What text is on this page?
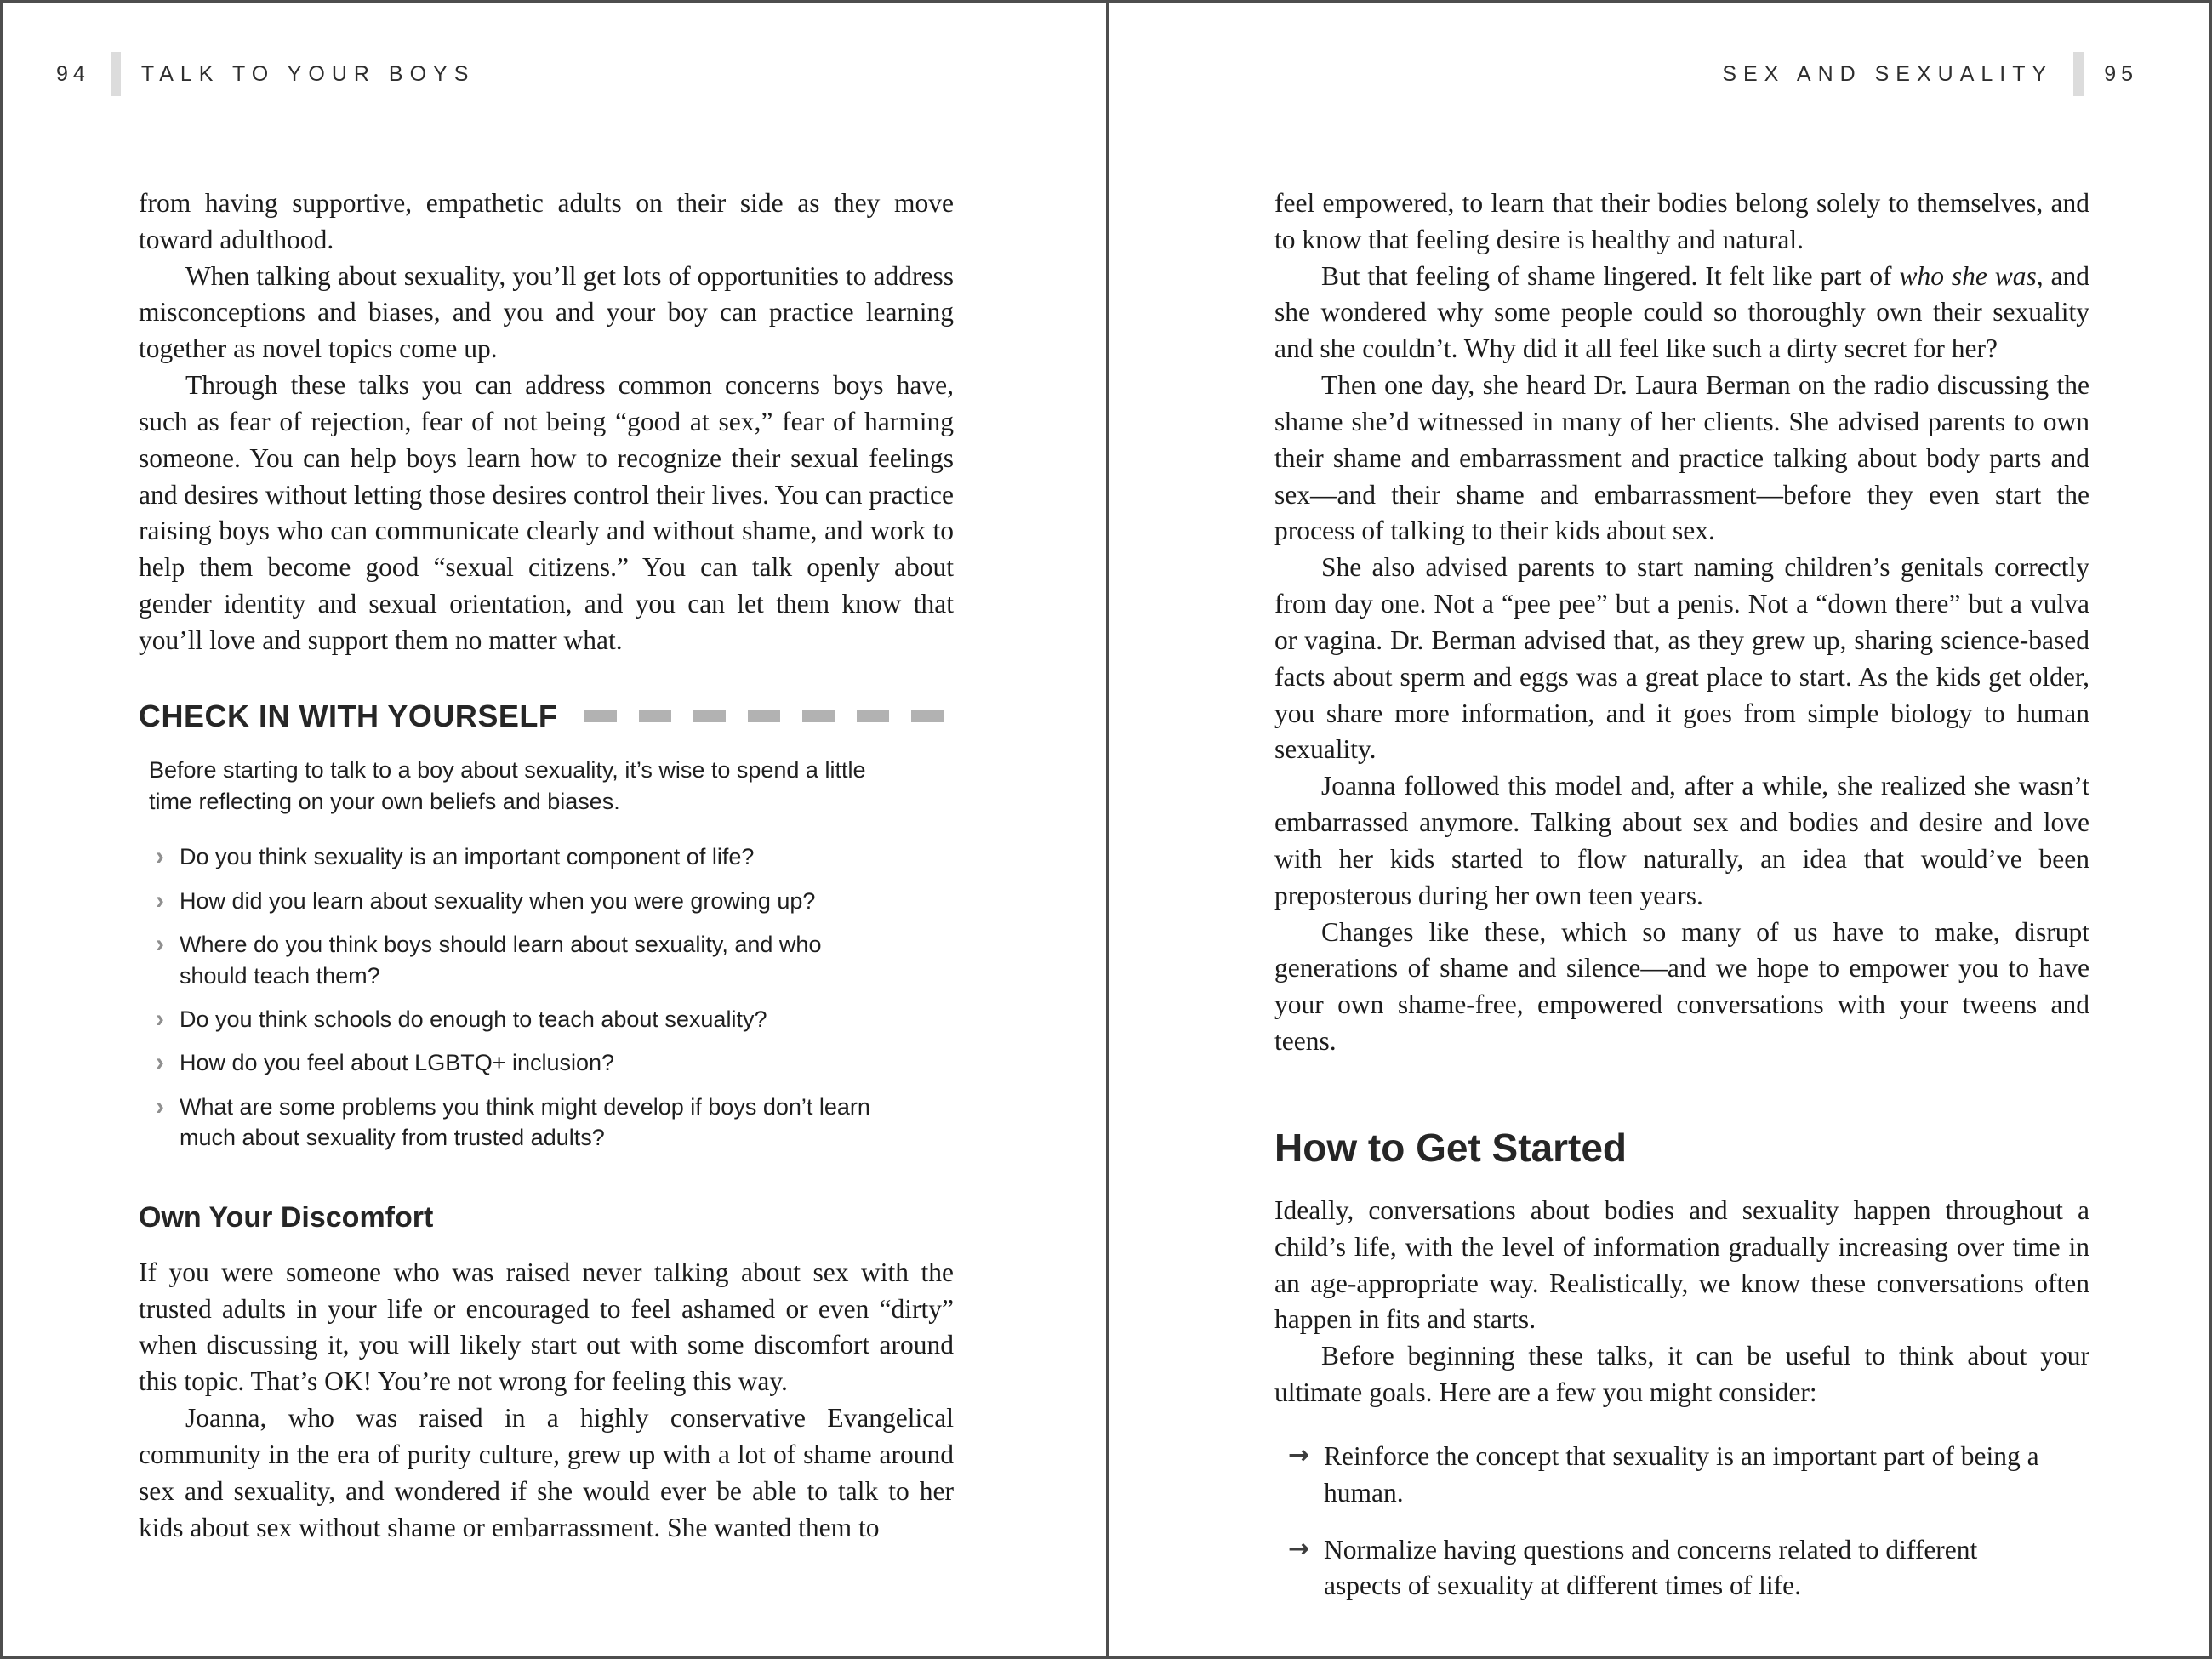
94 TALK TO YOUR BOYS

from having supportive, empathetic adults on their side as they move toward adulthood.

When talking about sexuality, you’ll get lots of opportunities to address misconceptions and biases, and you and your boy can practice learning together as novel topics come up.

Through these talks you can address common concerns boys have, such as fear of rejection, fear of not being “good at sex,” fear of harming someone. You can help boys learn how to recognize their sexual feelings and desires without letting those desires control their lives. You can practice raising boys who can communicate clearly and without shame, and work to help them become good “sexual citizens.” You can talk openly about gender identity and sexual orientation, and you can let them know that you’ll love and support them no matter what.

CHECK IN WITH YOURSELF

Before starting to talk to a boy about sexuality, it’s wise to spend a little time reflecting on your own beliefs and biases.

› Do you think sexuality is an important component of life?
› How did you learn about sexuality when you were growing up?
› Where do you think boys should learn about sexuality, and who should teach them?
› Do you think schools do enough to teach about sexuality?
› How do you feel about LGBTQ+ inclusion?
› What are some problems you think might develop if boys don’t learn much about sexuality from trusted adults?
Own Your Discomfort

If you were someone who was raised never talking about sex with the trusted adults in your life or encouraged to feel ashamed or even “dirty” when discussing it, you will likely start out with some discomfort around this topic. That’s OK! You’re not wrong for feeling this way.

Joanna, who was raised in a highly conservative Evangelical community in the era of purity culture, grew up with a lot of shame around sex and sexuality, and wondered if she would ever be able to talk to her kids about sex without shame or embarrassment. She wanted them to

SEX AND SEXUALITY 95

feel empowered, to learn that their bodies belong solely to themselves, and to know that feeling desire is healthy and natural.

But that feeling of shame lingered. It felt like part of who she was, and she wondered why some people could so thoroughly own their sexuality and she couldn’t. Why did it all feel like such a dirty secret for her?

Then one day, she heard Dr. Laura Berman on the radio discussing the shame she’d witnessed in many of her clients. She advised parents to own their shame and embarrassment and practice talking about body parts and sex—and their shame and embarrassment—before they even start the process of talking to their kids about sex.

She also advised parents to start naming children’s genitals correctly from day one. Not a “pee pee” but a penis. Not a “down there” but a vulva or vagina. Dr. Berman advised that, as they grew up, sharing science-based facts about sperm and eggs was a great place to start. As the kids get older, you share more information, and it goes from simple biology to human sexuality.

Joanna followed this model and, after a while, she realized she wasn’t embarrassed anymore. Talking about sex and bodies and desire and love with her kids started to flow naturally, an idea that would’ve been preposterous during her own teen years.

Changes like these, which so many of us have to make, disrupt generations of shame and silence—and we hope to empower you to have your own shame-free, empowered conversations with your tweens and teens.

How to Get Started

Ideally, conversations about bodies and sexuality happen throughout a child’s life, with the level of information gradually increasing over time in an age-appropriate way. Realistically, we know these conversations often happen in fits and starts.

Before beginning these talks, it can be useful to think about your ultimate goals. Here are a few you might consider:

→ Reinforce the concept that sexuality is an important part of being a human.
→ Normalize having questions and concerns related to different aspects of sexuality at different times of life.
